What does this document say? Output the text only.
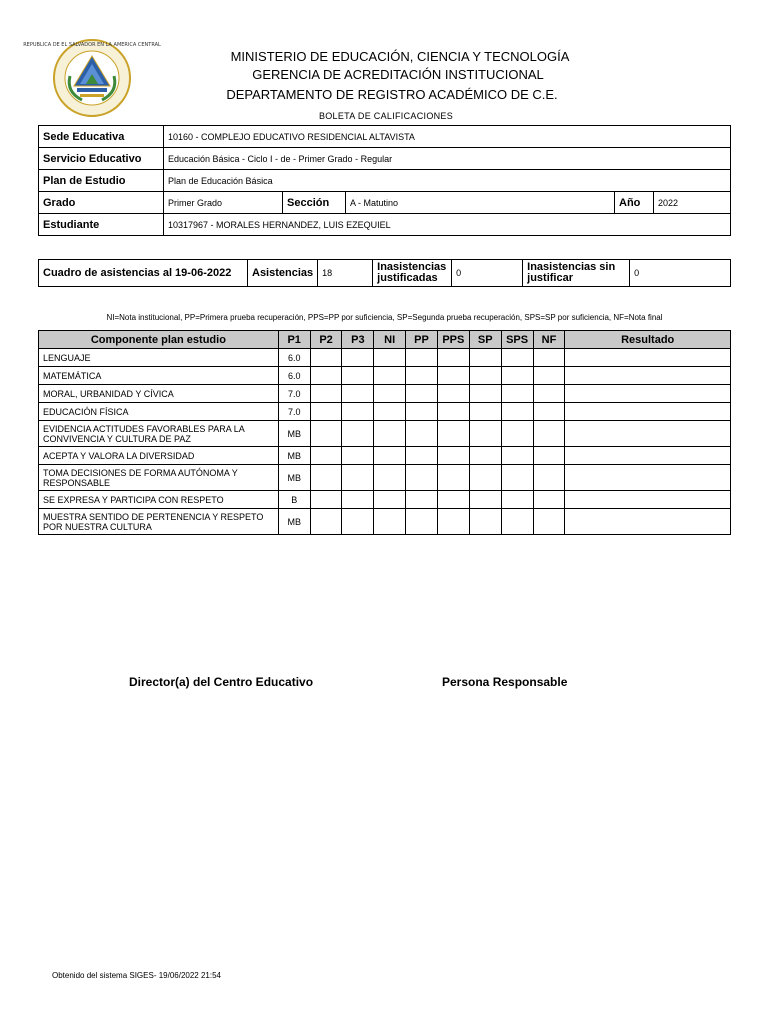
REPUBLICA DE EL SALVADOR EN LA AMERICA CENTRAL
MINISTERIO DE EDUCACIÓN, CIENCIA Y TECNOLOGÍA
GERENCIA DE ACREDITACIÓN INSTITUCIONAL
DEPARTAMENTO DE REGISTRO ACADÉMICO DE C.E.
BOLETA DE CALIFICACIONES
Sede Educativa	10160 - COMPLEJO EDUCATIVO RESIDENCIAL ALTAVISTA				
Servicio Educativo	Educación Básica - Ciclo I - de - Primer Grado - Regular				
Plan de Estudio	Plan de Educación Básica				
Grado	Primer Grado	Sección	A - Matutino	Año	2022
Estudiante	10317967 - MORALES HERNANDEZ, LUIS EZEQUIEL				
Cuadro de asistencias al 19-06-2022	Asistencias	18	Inasistencias justificadas	0	Inasistencias sin justificar	0
NI=Nota institucional, PP=Primera prueba recuperación, PPS=PP por suficiencia, SP=Segunda prueba recuperación, SPS=SP por suficiencia, NF=Nota final
Componente plan estudio	P1	P2	P3	NI	PP	PPS	SP	SPS	NF	Resultado
LENGUAJE	6.0									
MATEMÁTICA	6.0									
MORAL, URBANIDAD Y CÍVICA	7.0									
EDUCACIÓN FÍSICA	7.0									
EVIDENCIA ACTITUDES FAVORABLES PARA LA CONVIVENCIA Y CULTURA DE PAZ	MB									
ACEPTA Y VALORA LA DIVERSIDAD	MB									
TOMA DECISIONES DE FORMA AUTÓNOMA Y RESPONSABLE	MB									
SE EXPRESA Y PARTICIPA CON RESPETO	B									
MUESTRA SENTIDO DE PERTENENCIA Y RESPETO POR NUESTRA CULTURA	MB									
Director(a) del Centro Educativo	Persona Responsable
Obtenido del sistema SIGES- 19/06/2022 21:54
